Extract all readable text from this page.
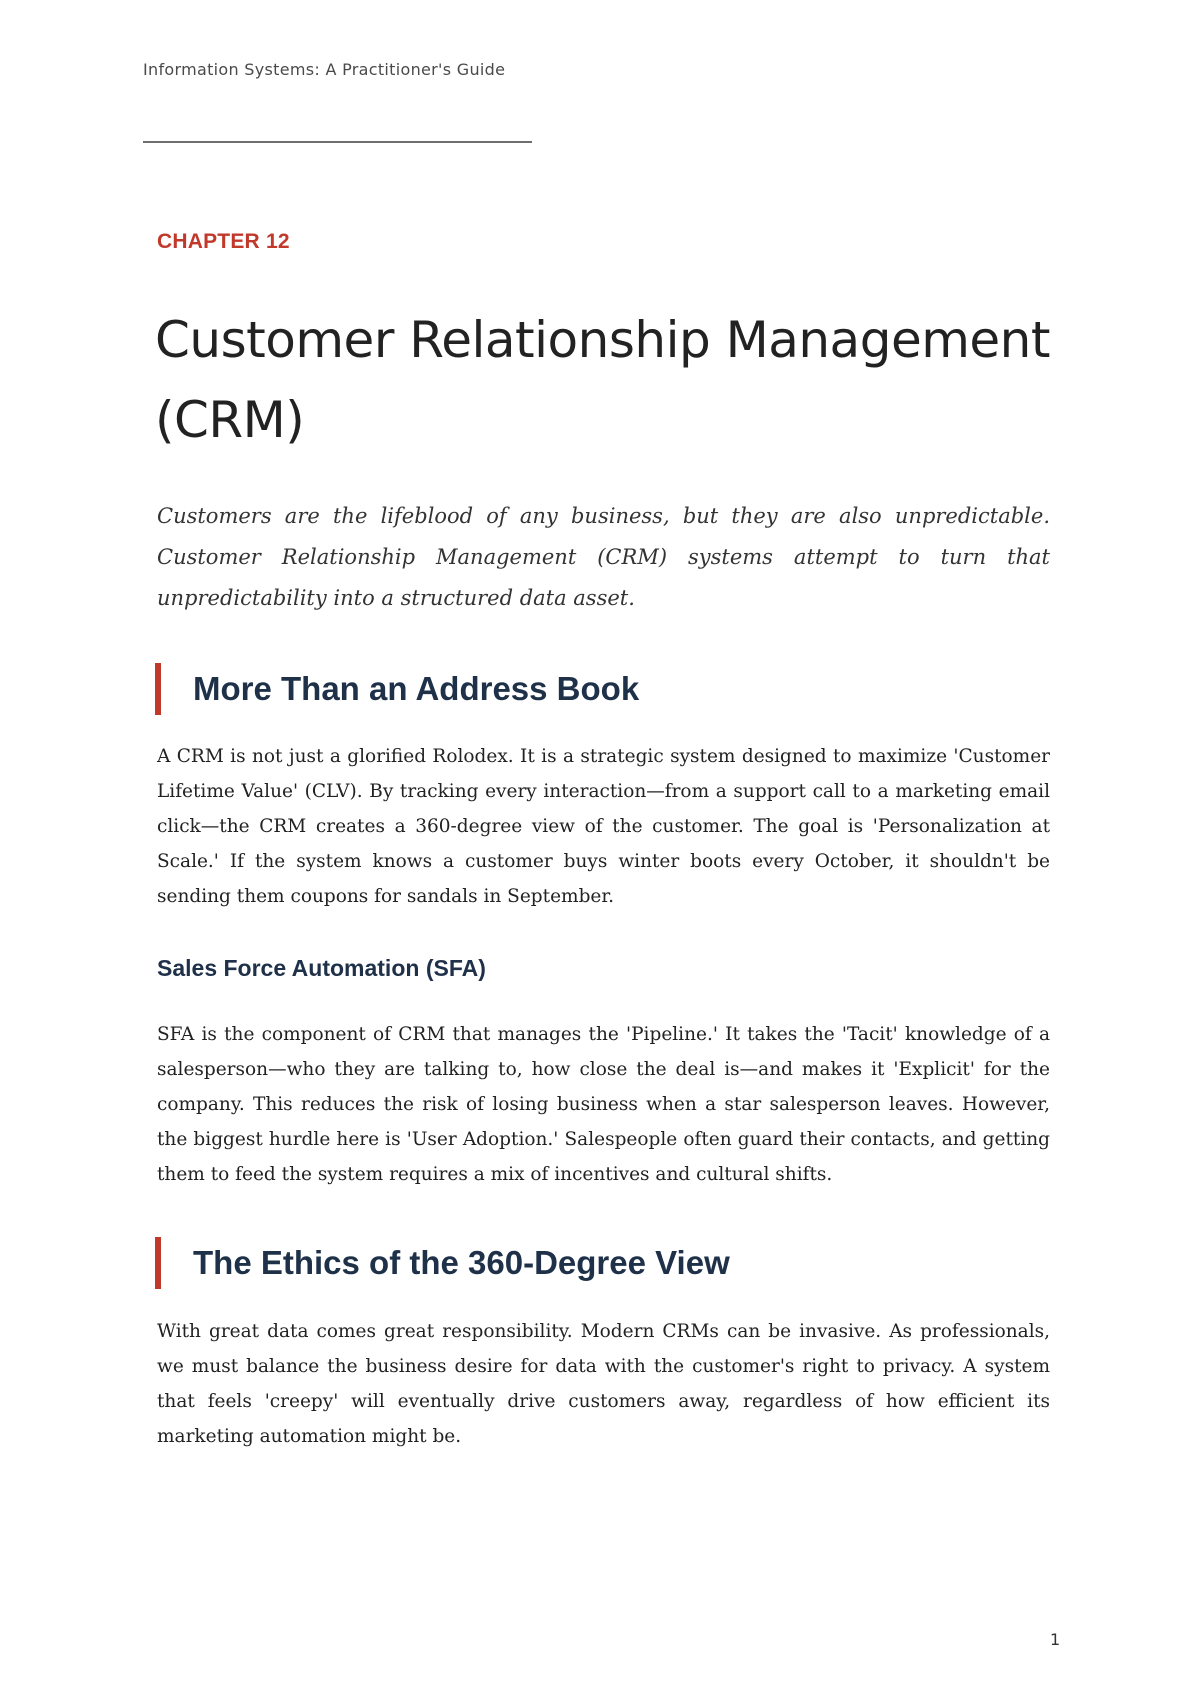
Information Systems: A Practitioner's Guide
CHAPTER 12
Customer Relationship Management (CRM)

Customers are the lifeblood of any business, but they are also unpredictable. Customer Relationship Management (CRM) systems attempt to turn that unpredictability into a structured data asset.

More Than an Address Book

A CRM is not just a glorified Rolodex. It is a strategic system designed to maximize 'Customer Lifetime Value' (CLV). By tracking every interaction—from a support call to a marketing email click—the CRM creates a 360-degree view of the customer. The goal is 'Personalization at Scale.' If the system knows a customer buys winter boots every October, it shouldn't be sending them coupons for sandals in September.

Sales Force Automation (SFA)

SFA is the component of CRM that manages the 'Pipeline.' It takes the 'Tacit' knowledge of a salesperson—who they are talking to, how close the deal is—and makes it 'Explicit' for the company. This reduces the risk of losing business when a star salesperson leaves. However, the biggest hurdle here is 'User Adoption.' Salespeople often guard their contacts, and getting them to feed the system requires a mix of incentives and cultural shifts.

The Ethics of the 360-Degree View

With great data comes great responsibility. Modern CRMs can be invasive. As professionals, we must balance the business desire for data with the customer's right to privacy. A system that feels 'creepy' will eventually drive customers away, regardless of how efficient its marketing automation might be.

1
